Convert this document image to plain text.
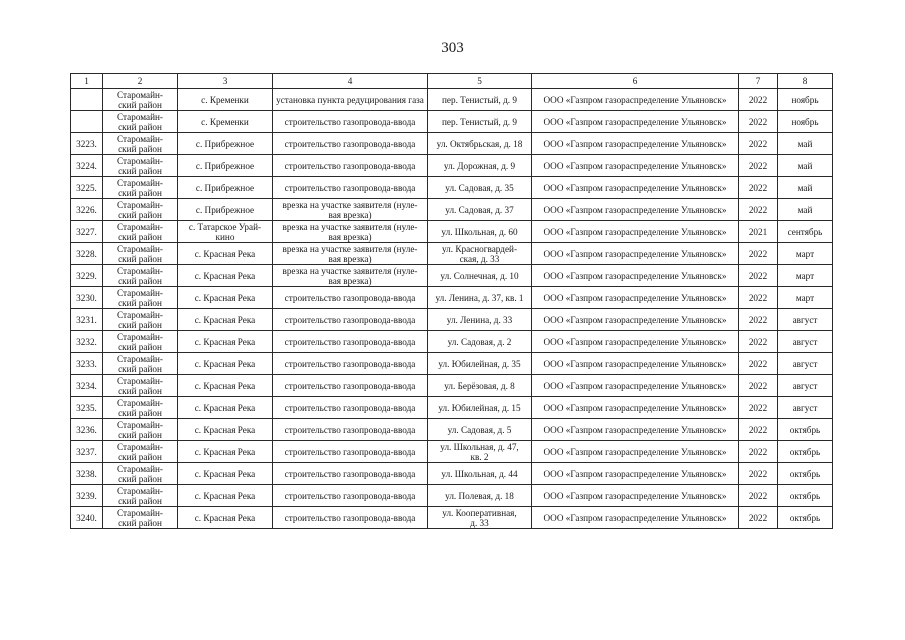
303
1	2	3	4	5	6	7	8
	Старомайн-
ский район	с. Кременки	установка пункта редуцирования газа	пер. Тенистый, д. 9	ООО «Газпром газораспределение Ульяновск»	2022	ноябрь
	Старомайн-
ский район	с. Кременки	строительство газопровода-ввода	пер. Тенистый, д. 9	ООО «Газпром газораспределение Ульяновск»	2022	ноябрь
3223.	Старомайн-
ский район	с. Прибрежное	строительство газопровода-ввода	ул. Октябрьская, д. 18	ООО «Газпром газораспределение Ульяновск»	2022	май
3224.	Старомайн-
ский район	с. Прибрежное	строительство газопровода-ввода	ул. Дорожная, д. 9	ООО «Газпром газораспределение Ульяновск»	2022	май
3225.	Старомайн-
ский район	с. Прибрежное	строительство газопровода-ввода	ул. Садовая, д. 35	ООО «Газпром газораспределение Ульяновск»	2022	май
3226.	Старомайн-
ский район	с. Прибрежное	врезка на участке заявителя (нуле-
вая врезка)	ул. Садовая, д. 37	ООО «Газпром газораспределение Ульяновск»	2022	май
3227.	Старомайн-
ский район	с. Татарское Урай-
кино	врезка на участке заявителя (нуле-
вая врезка)	ул. Школьная, д. 60	ООО «Газпром газораспределение Ульяновск»	2021	сентябрь
3228.	Старомайн-
ский район	с. Красная Река	врезка на участке заявителя (нуле-
вая врезка)	ул. Красногвардей-
ская, д. 33	ООО «Газпром газораспределение Ульяновск»	2022	март
3229.	Старомайн-
ский район	с. Красная Река	врезка на участке заявителя (нуле-
вая врезка)	ул. Солнечная, д. 10	ООО «Газпром газораспределение Ульяновск»	2022	март
3230.	Старомайн-
ский район	с. Красная Река	строительство газопровода-ввода	ул. Ленина, д. 37, кв. 1	ООО «Газпром газораспределение Ульяновск»	2022	март
3231.	Старомайн-
ский район	с. Красная Река	строительство газопровода-ввода	ул. Ленина, д. 33	ООО «Газпром газораспределение Ульяновск»	2022	август
3232.	Старомайн-
ский район	с. Красная Река	строительство газопровода-ввода	ул. Садовая, д. 2	ООО «Газпром газораспределение Ульяновск»	2022	август
3233.	Старомайн-
ский район	с. Красная Река	строительство газопровода-ввода	ул. Юбилейная, д. 35	ООО «Газпром газораспределение Ульяновск»	2022	август
3234.	Старомайн-
ский район	с. Красная Река	строительство газопровода-ввода	ул. Берёзовая, д. 8	ООО «Газпром газораспределение Ульяновск»	2022	август
3235.	Старомайн-
ский район	с. Красная Река	строительство газопровода-ввода	ул. Юбилейная, д. 15	ООО «Газпром газораспределение Ульяновск»	2022	август
3236.	Старомайн-
ский район	с. Красная Река	строительство газопровода-ввода	ул. Садовая, д. 5	ООО «Газпром газораспределение Ульяновск»	2022	октябрь
3237.	Старомайн-
ский район	с. Красная Река	строительство газопровода-ввода	ул. Школьная, д. 47,
кв. 2	ООО «Газпром газораспределение Ульяновск»	2022	октябрь
3238.	Старомайн-
ский район	с. Красная Река	строительство газопровода-ввода	ул. Школьная, д. 44	ООО «Газпром газораспределение Ульяновск»	2022	октябрь
3239.	Старомайн-
ский район	с. Красная Река	строительство газопровода-ввода	ул. Полевая, д. 18	ООО «Газпром газораспределение Ульяновск»	2022	октябрь
3240.	Старомайн-
ский район	с. Красная Река	строительство газопровода-ввода	ул. Кооперативная,
д. 33	ООО «Газпром газораспределение Ульяновск»	2022	октябрь
